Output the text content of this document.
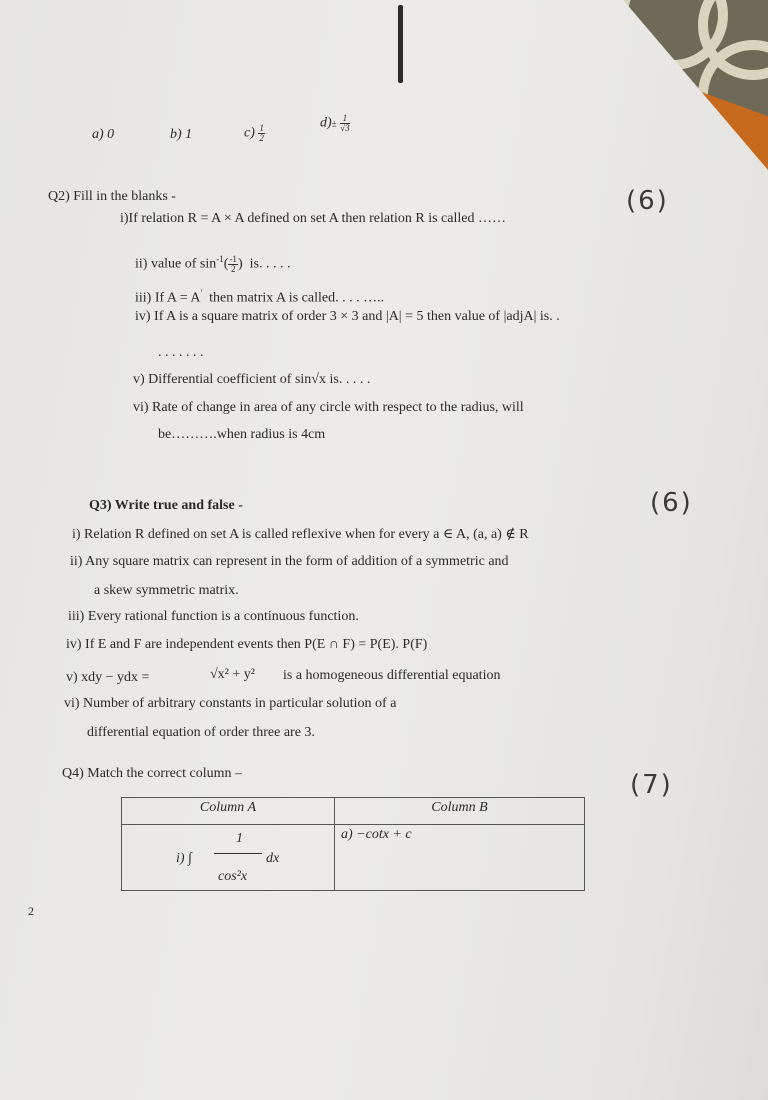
a) 0	b) 1	$c) \frac{1}{2}$
$d)\pm \frac{1}{√3}$
Q2) Fill in the blanks -	(6)
i)If relation R = A × A defined on set A then relation R is called ……
ii) value of $\sin^{-1}( \frac{-1}{2}$ )  is. . . . .
iii) If A = A' then matrix A is called. . . . …..
iv) If A is a square matrix of order 3 × 3 and |A| = 5 then value of |adjA| is. .
. . . . . . .
v) Differential coefficient of sin√x is. . . . .
vi) Rate of change in area of any circle with respect to the radius, will
be……….when radius is 4cm
Q3) Write true and false -	(6)
i) Relation R defined on set A is called reflexive when for every a ∈ A, (a, a) ∉ R
ii) Any square matrix can represent in the form of addition of a symmetric and
a skew symmetric matrix.
iii) Every rational function is a continuous function.
iv) If E and F are independent events then P(E ∩ F) = P(E). P(F)
v) xdy − ydx =	√x² + y² is a homogeneous differential equation
vi) Number of arbitrary constants in particular solution of a
differential equation of order three are 3.
Q4) Match the correct column –	(7)
Column A	Column B

1
i) ∫ dx
cos²x	a) −cotx + c
2
